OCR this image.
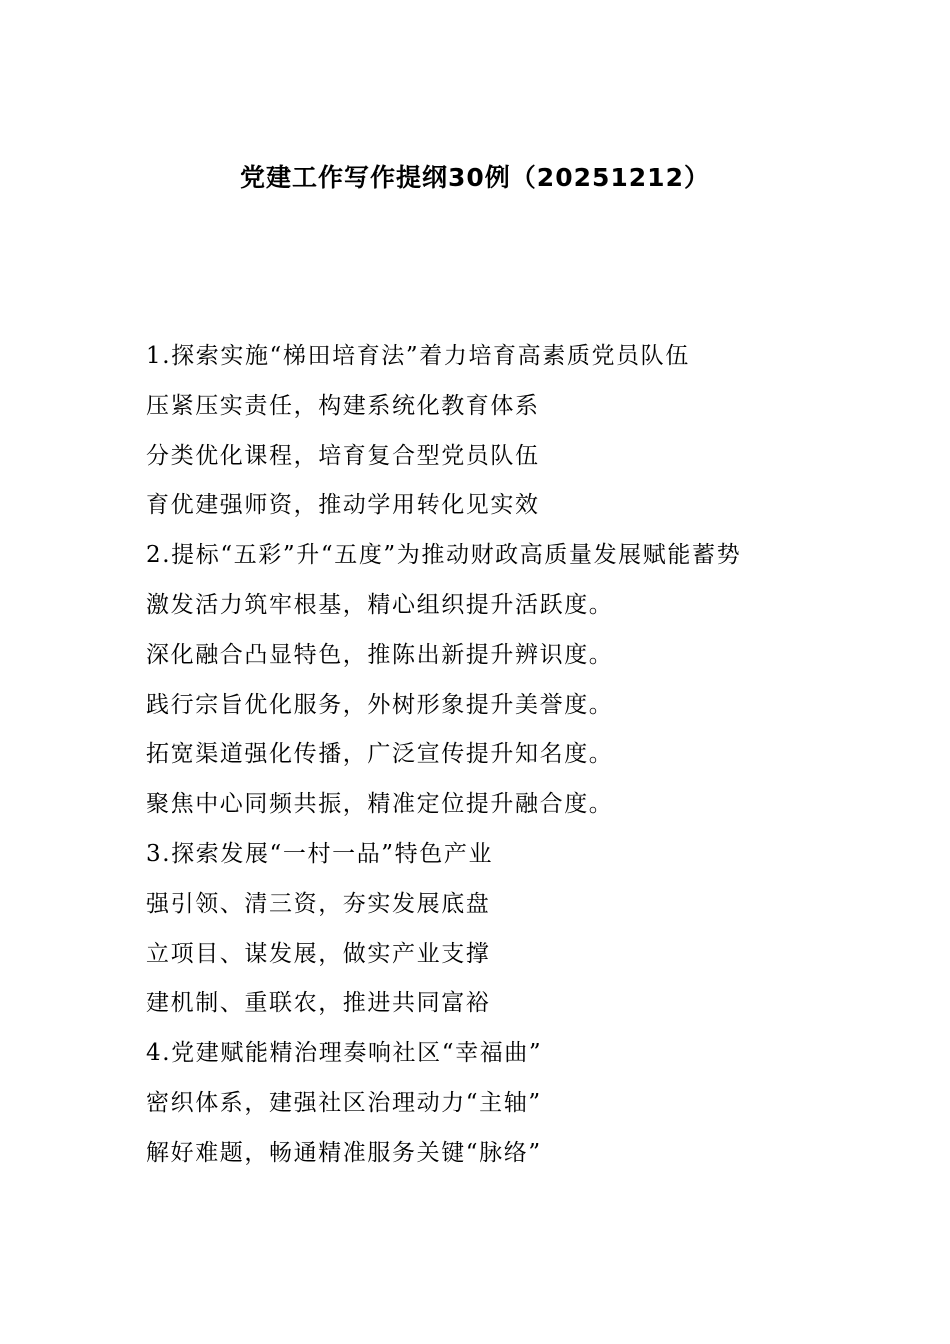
党建工作写作提纲30例（20251212）
1.探索实施“梯田培育法”着力培育高素质党员队伍
压紧压实责任，构建系统化教育体系
分类优化课程，培育复合型党员队伍
育优建强师资，推动学用转化见实效
2.提标“五彩”升“五度”为推动财政高质量发展赋能蓄势
激发活力筑牢根基，精心组织提升活跃度。
深化融合凸显特色，推陈出新提升辨识度。
践行宗旨优化服务，外树形象提升美誉度。
拓宽渠道强化传播，广泛宣传提升知名度。
聚焦中心同频共振，精准定位提升融合度。
3.探索发展“一村一品”特色产业
强引领、清三资，夯实发展底盘
立项目、谋发展，做实产业支撑
建机制、重联农，推进共同富裕
4.党建赋能精治理奏响社区“幸福曲”
密织体系，建强社区治理动力“主轴”
解好难题，畅通精准服务关键“脉络”
